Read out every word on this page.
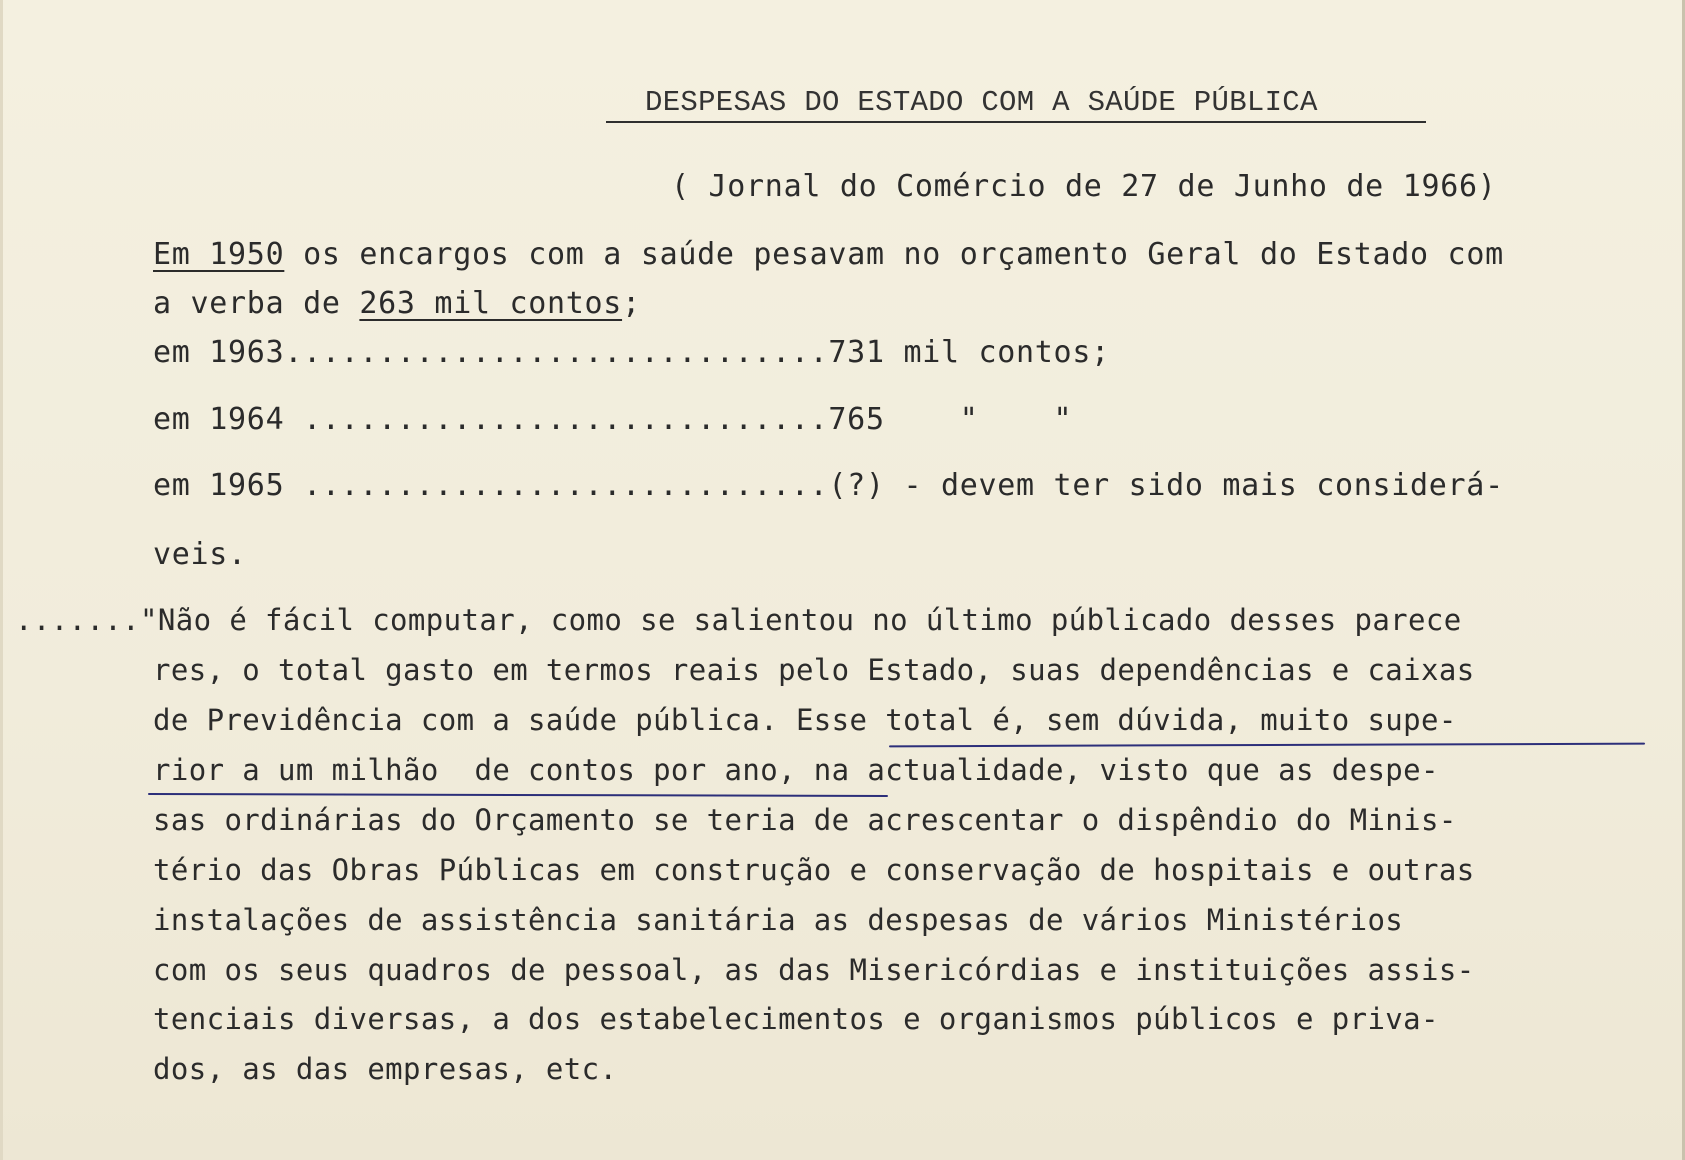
DESPESAS DO ESTADO COM A SAÚDE PÚBLICA
( Jornal do Comércio de 27 de Junho de 1966)
Em 1950 os encargos com a saúde pesavam no orçamento Geral do Estado com
a verba de 263 mil contos;
em 1963.............................731 mil contos;
em 1964 ............................765    "    "
em 1965 ............................(?) - devem ter sido mais considerá-
veis.
......."Não é fácil computar, como se salientou no último públicado desses parece
res, o total gasto em termos reais pelo Estado, suas dependências e caixas
de Previdência com a saúde pública. Esse total é, sem dúvida, muito supe-
rior a um milhão  de contos por ano, na actualidade, visto que as despe-
sas ordinárias do Orçamento se teria de acrescentar o dispêndio do Minis-
tério das Obras Públicas em construção e conservação de hospitais e outras
instalações de assistência sanitária as despesas de vários Ministérios
com os seus quadros de pessoal, as das Misericórdias e instituições assis-
tenciais diversas, a dos estabelecimentos e organismos públicos e priva-
dos, as das empresas, etc.
